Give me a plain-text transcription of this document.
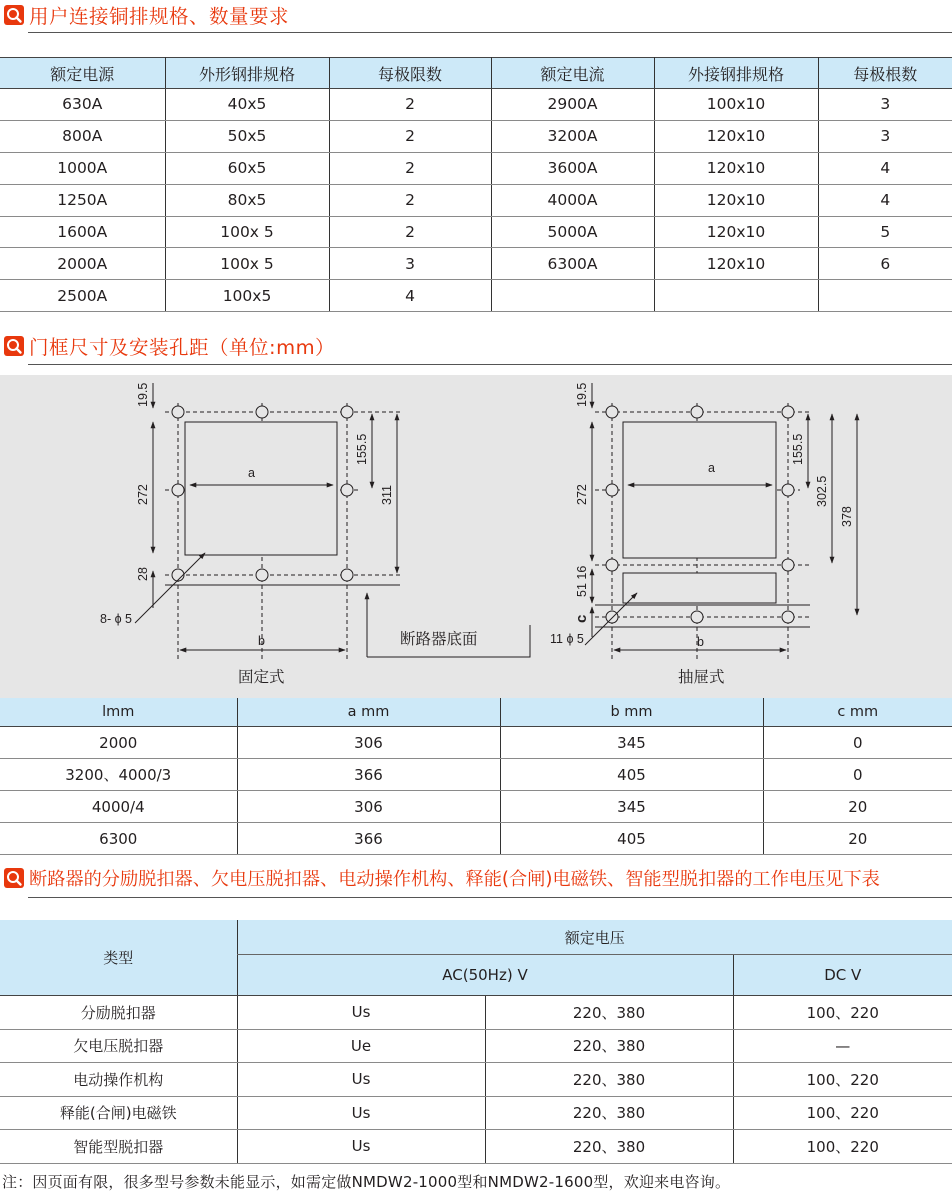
用户连接铜排规格、数量要求
额定电源	外形钢排规格	每极限数	额定电流	外接钢排规格	每极根数
630A	40x5	2	2900A	100x10	3
800A	50x5	2	3200A	120x10	3
1000A	60x5	2	3600A	120x10	4
1250A	80x5	2	4000A	120x10	4
1600A	100x 5	2	5000A	120x10	5
2000A	100x 5	3	6300A	120x10	6
2500A	100x5	4			
门框尺寸及安装孔距（单位:mm）
19.5
272
28
155.5
311
a
b
8- ϕ 5
19.5
272
51 16
c
155.5
302.5
378
a
b
11 ϕ 5
断路器底面
固定式	抽屉式
lmm	a mm	b mm	c mm
2000	306	345	0
3200、4000/3	366	405	0
4000/4	306	345	20
6300	366	405	20
断路器的分励脱扣器、欠电压脱扣器、电动操作机构、释能(合闸)电磁铁、智能型脱扣器的工作电压见下表
类型	额定电压		
	AC(50Hz) V		DC V
分励脱扣器	Us	220、380	100、220
欠电压脱扣器	Ue	220、380	—
电动操作机构	Us	220、380	100、220
释能(合闸)电磁铁	Us	220、380	100、220
智能型脱扣器	Us	220、380	100、220
注：因页面有限，很多型号参数未能显示，如需定做NMDW2-1000型和NMDW2-1600型，欢迎来电咨询。
